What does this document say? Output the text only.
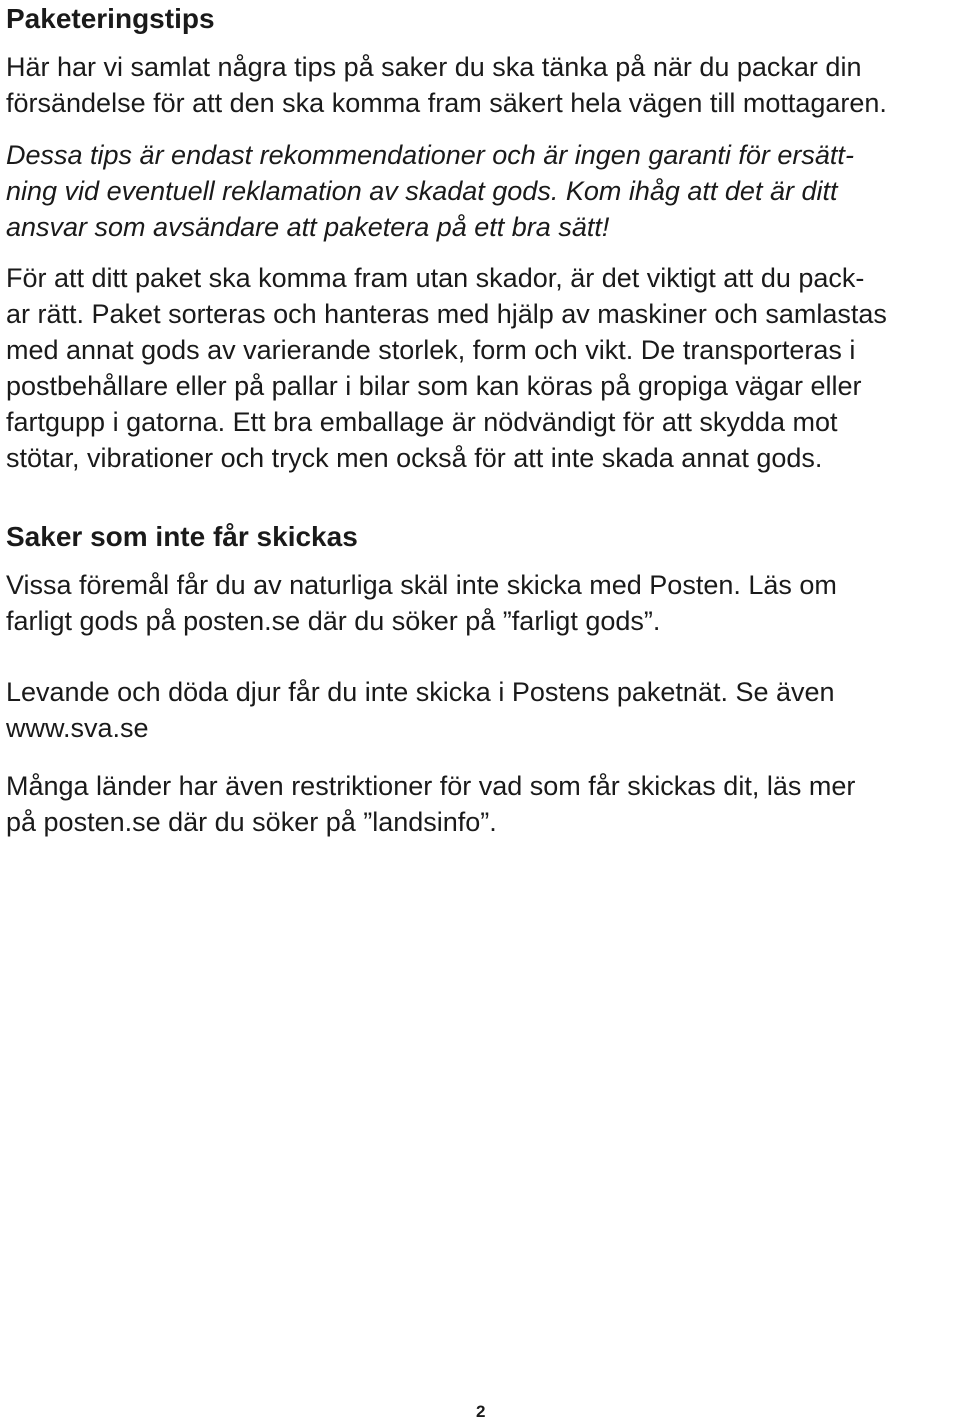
Paketeringstips
Här har vi samlat några tips på saker du ska tänka på när du packar din
försändelse för att den ska komma fram säkert hela vägen till mottagaren.
Dessa tips är endast rekommendationer och är ingen garanti för ersätt-
ning vid eventuell reklamation av skadat gods. Kom ihåg att det är ditt
ansvar som avsändare att paketera på ett bra sätt!
För att ditt paket ska komma fram utan skador, är det viktigt att du pack-
ar rätt. Paket sorteras och hanteras med hjälp av maskiner och samlastas
med annat gods av varierande storlek, form och vikt. De transporteras i
postbehållare eller på pallar i bilar som kan köras på gropiga vägar eller
fartgupp i gatorna. Ett bra emballage är nödvändigt för att skydda mot
stötar, vibrationer och tryck men också för att inte skada annat gods.
Saker som inte får skickas
Vissa föremål får du av naturliga skäl inte skicka med Posten. Läs om
farligt gods på posten.se där du söker på ”farligt gods”.
Levande och döda djur får du inte skicka i Postens paketnät. Se även
www.sva.se
Många länder har även restriktioner för vad som får skickas dit, läs mer
på posten.se där du söker på ”landsinfo”.
2
